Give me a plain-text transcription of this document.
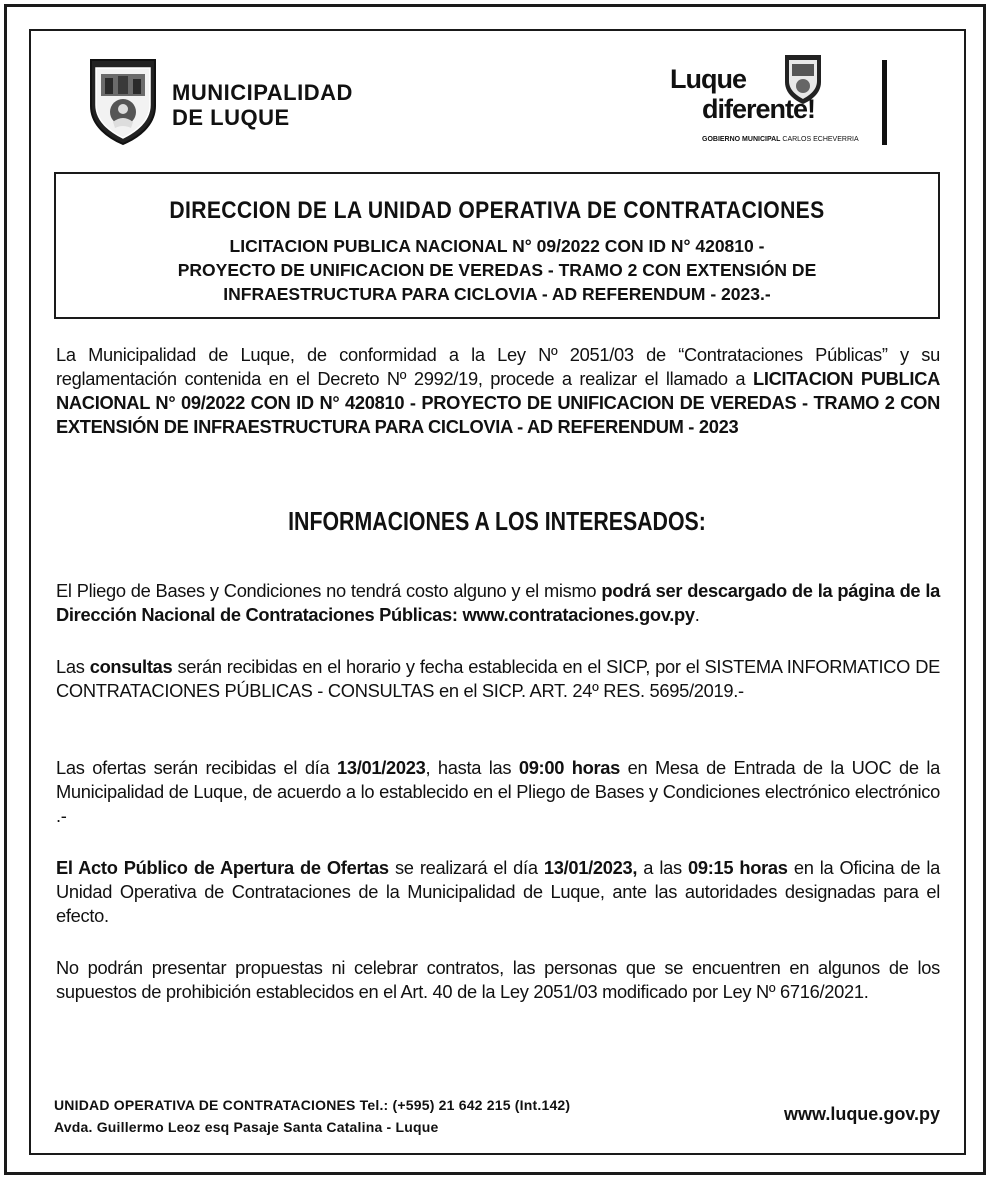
MUNICIPALIDAD
DE LUQUE
Luque
diferente!
GOBIERNO MUNICIPAL CARLOS ECHEVERRIA
DIRECCION DE LA UNIDAD OPERATIVA DE CONTRATACIONES
LICITACION PUBLICA NACIONAL N° 09/2022 CON ID N° 420810 -
PROYECTO DE UNIFICACION DE VEREDAS - TRAMO 2 CON EXTENSIÓN DE
INFRAESTRUCTURA PARA CICLOVIA - AD REFERENDUM - 2023.-
La Municipalidad de Luque, de conformidad a la Ley Nº 2051/03 de “Contrataciones Públicas” y su reglamentación contenida en el Decreto Nº 2992/19, procede a realizar el llamado a LICITACION PUBLICA NACIONAL N° 09/2022 CON ID N° 420810 - PROYECTO DE UNIFICACION DE VEREDAS - TRAMO 2 CON EXTENSIÓN DE INFRAESTRUCTURA PARA CICLOVIA - AD REFERENDUM - 2023
INFORMACIONES A LOS INTERESADOS:
El Pliego de Bases y Condiciones no tendrá costo alguno y el mismo podrá ser descargado de la página de la Dirección Nacional de Contrataciones Públicas: www.contrataciones.gov.py.
Las consultas serán recibidas en el horario y fecha establecida en el SICP, por el SISTEMA INFORMATICO DE CONTRATACIONES PÚBLICAS - CONSULTAS en el SICP. ART. 24º RES. 5695/2019.-
Las ofertas serán recibidas el día 13/01/2023, hasta las 09:00 horas en Mesa de Entrada de la UOC de la Municipalidad de Luque, de acuerdo a lo establecido en el Pliego de Bases y Condiciones electrónico electrónico .-
El Acto Público de Apertura de Ofertas se realizará el día 13/01/2023, a las 09:15 horas en la Oficina de la Unidad Operativa de Contrataciones de la Municipalidad de Luque, ante las autoridades designadas para el efecto.
No podrán presentar propuestas ni celebrar contratos, las personas que se encuentren en algunos de los supuestos de prohibición establecidos en el Art. 40 de la Ley 2051/03 modificado por Ley Nº 6716/2021.
UNIDAD OPERATIVA DE CONTRATACIONES Tel.: (+595) 21 642 215 (Int.142)
Avda. Guillermo Leoz esq Pasaje Santa Catalina - Luque
www.luque.gov.py
